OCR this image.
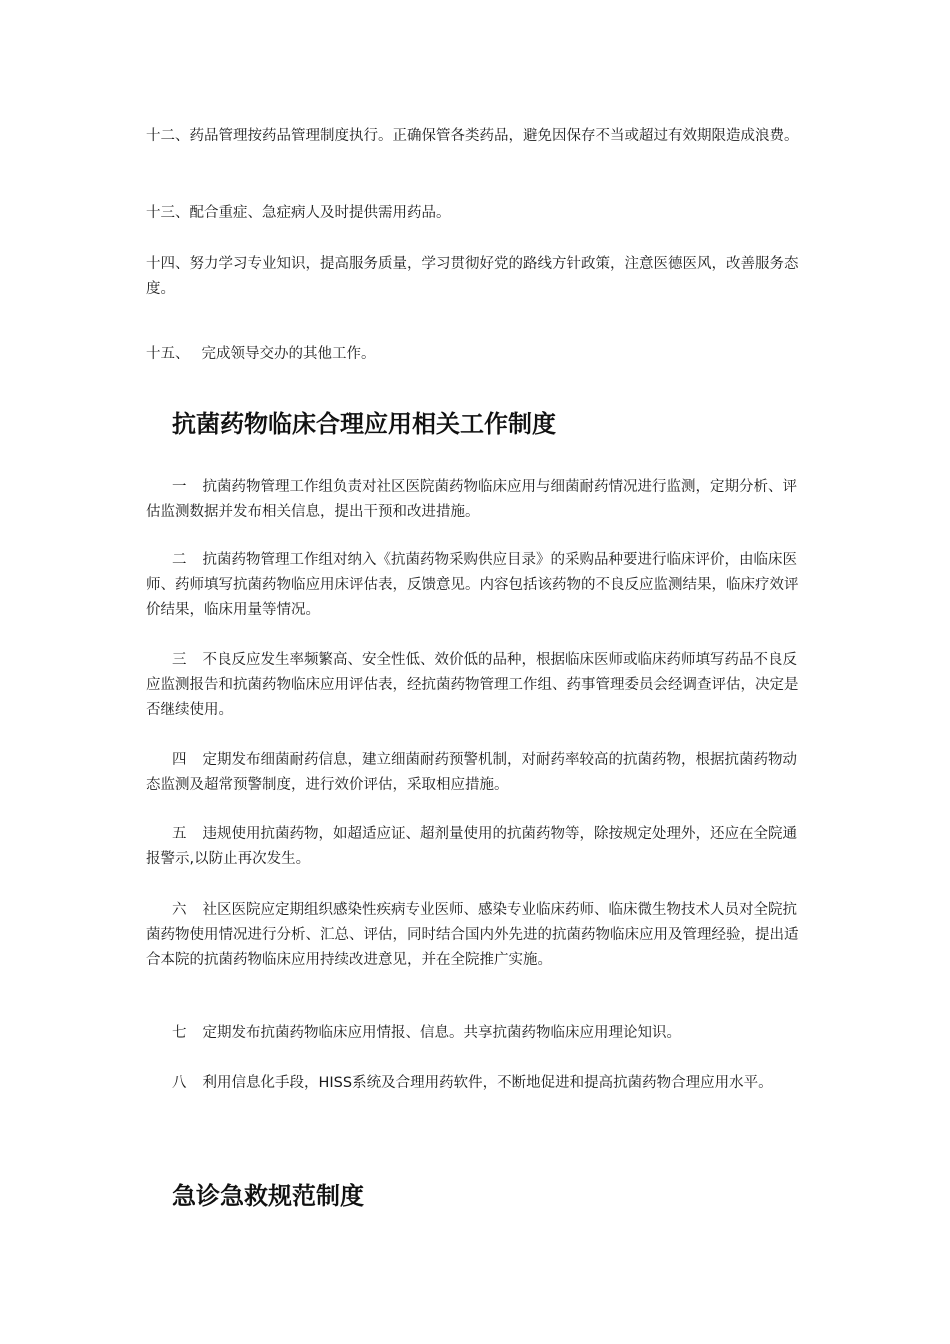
十二、药品管理按药品管理制度执行。正确保管各类药品，避免因保存不当或超过有效期限造成浪费。

十三、配合重症、急症病人及时提供需用药品。

十四、努力学习专业知识，提高服务质量，学习贯彻好党的路线方针政策，注意医德医风，改善服务态度。

十五、 完成领导交办的其他工作。

抗菌药物临床合理应用相关工作制度

一 抗菌药物管理工作组负责对社区医院菌药物临床应用与细菌耐药情况进行监测，定期分析、评估监测数据并发布相关信息，提出干预和改进措施。

二 抗菌药物管理工作组对纳入《抗菌药物采购供应目录》的采购品种要进行临床评价，由临床医师、药师填写抗菌药物临应用床评估表，反馈意见。内容包括该药物的不良反应监测结果，临床疗效评价结果，临床用量等情况。

三 不良反应发生率频繁高、安全性低、效价低的品种，根据临床医师或临床药师填写药品不良反应监测报告和抗菌药物临床应用评估表，经抗菌药物管理工作组、药事管理委员会经调查评估，决定是否继续使用。

四 定期发布细菌耐药信息，建立细菌耐药预警机制，对耐药率较高的抗菌药物，根据抗菌药物动态监测及超常预警制度，进行效价评估，采取相应措施。

五 违规使用抗菌药物，如超适应证、超剂量使用的抗菌药物等，除按规定处理外，还应在全院通报警示,以防止再次发生。

六 社区医院应定期组织感染性疾病专业医师、感染专业临床药师、临床微生物技术人员对全院抗菌药物使用情况进行分析、汇总、评估，同时结合国内外先进的抗菌药物临床应用及管理经验，提出适合本院的抗菌药物临床应用持续改进意见，并在全院推广实施。

七 定期发布抗菌药物临床应用情报、信息。共享抗菌药物临床应用理论知识。

八 利用信息化手段，HISS系统及合理用药软件，不断地促进和提高抗菌药物合理应用水平。

急诊急救规范制度
